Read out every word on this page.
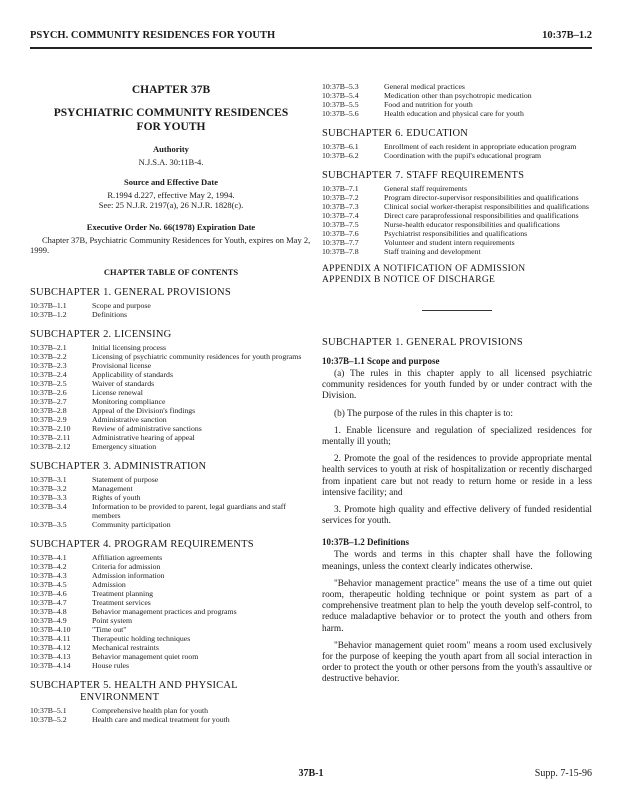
PSYCH. COMMUNITY RESIDENCES FOR YOUTH	10:37B–1.2
CHAPTER 37B
PSYCHIATRIC COMMUNITY RESIDENCES FOR YOUTH
Authority
N.J.S.A. 30:11B-4.
Source and Effective Date
R.1994 d.227, effective May 2, 1994.
See: 25 N.J.R. 2197(a), 26 N.J.R. 1828(c).
Executive Order No. 66(1978) Expiration Date
Chapter 37B, Psychiatric Community Residences for Youth, expires on May 2, 1999.
CHAPTER TABLE OF CONTENTS
SUBCHAPTER 1. GENERAL PROVISIONS
10:37B–1.1	Scope and purpose
10:37B–1.2	Definitions
SUBCHAPTER 2. LICENSING
10:37B–2.1	Initial licensing process
10:37B–2.2	Licensing of psychiatric community residences for youth programs
10:37B–2.3	Provisional license
10:37B–2.4	Applicability of standards
10:37B–2.5	Waiver of standards
10:37B–2.6	License renewal
10:37B–2.7	Monitoring compliance
10:37B–2.8	Appeal of the Division's findings
10:37B–2.9	Administrative sanction
10:37B–2.10	Review of administrative sanctions
10:37B–2.11	Administrative hearing of appeal
10:37B–2.12	Emergency situation
SUBCHAPTER 3. ADMINISTRATION
10:37B–3.1	Statement of purpose
10:37B–3.2	Management
10:37B–3.3	Rights of youth
10:37B–3.4	Information to be provided to parent, legal guardians and staff members
10:37B–3.5	Community participation
SUBCHAPTER 4. PROGRAM REQUIREMENTS
10:37B–4.1	Affiliation agreements
10:37B–4.2	Criteria for admission
10:37B–4.3	Admission information
10:37B–4.5	Admission
10:37B–4.6	Treatment planning
10:37B–4.7	Treatment services
10:37B–4.8	Behavior management practices and programs
10:37B–4.9	Point system
10:37B–4.10	"Time out"
10:37B–4.11	Therapeutic holding techniques
10:37B–4.12	Mechanical restraints
10:37B–4.13	Behavior management quiet room
10:37B–4.14	House rules
SUBCHAPTER 5. HEALTH AND PHYSICAL
ENVIRONMENT
10:37B–5.1	Comprehensive health plan for youth
10:37B–5.2	Health care and medical treatment for youth
10:37B–5.3	General medical practices
10:37B–5.4	Medication other than psychotropic medication
10:37B–5.5	Food and nutrition for youth
10:37B–5.6	Health education and physical care for youth
SUBCHAPTER 6. EDUCATION
10:37B–6.1	Enrollment of each resident in appropriate education program
10:37B–6.2	Coordination with the pupil's educational program
SUBCHAPTER 7. STAFF REQUIREMENTS
10:37B–7.1	General staff requirements
10:37B–7.2	Program director-supervisor responsibilities and qualifications
10:37B–7.3	Clinical social worker-therapist responsibilities and qualifications
10:37B–7.4	Direct care paraprofessional responsibilities and qualifications
10:37B–7.5	Nurse-health educator responsibilities and qualifications
10:37B–7.6	Psychiatrist responsibilities and qualifications
10:37B–7.7	Volunteer and student intern requirements
10:37B–7.8	Staff training and development
APPENDIX A NOTIFICATION OF ADMISSION
APPENDIX B NOTICE OF DISCHARGE
SUBCHAPTER 1. GENERAL PROVISIONS
10:37B–1.1 Scope and purpose
(a) The rules in this chapter apply to all licensed psychiatric community residences for youth funded by or under contract with the Division.
(b) The purpose of the rules in this chapter is to:
1. Enable licensure and regulation of specialized residences for mentally ill youth;
2. Promote the goal of the residences to provide appropriate mental health services to youth at risk of hospitalization or recently discharged from inpatient care but not ready to return home or reside in a less intensive facility; and
3. Promote high quality and effective delivery of funded residential services for youth.
10:37B–1.2 Definitions
The words and terms in this chapter shall have the following meanings, unless the context clearly indicates otherwise.
"Behavior management practice" means the use of a time out quiet room, therapeutic holding technique or point system as part of a comprehensive treatment plan to help the youth develop self-control, to reduce maladaptive behavior or to protect the youth and others from harm.
"Behavior management quiet room" means a room used exclusively for the purpose of keeping the youth apart from all social interaction in order to protect the youth or other persons from the youth's assaultive or destructive behavior.
37B-1	Supp. 7-15-96
